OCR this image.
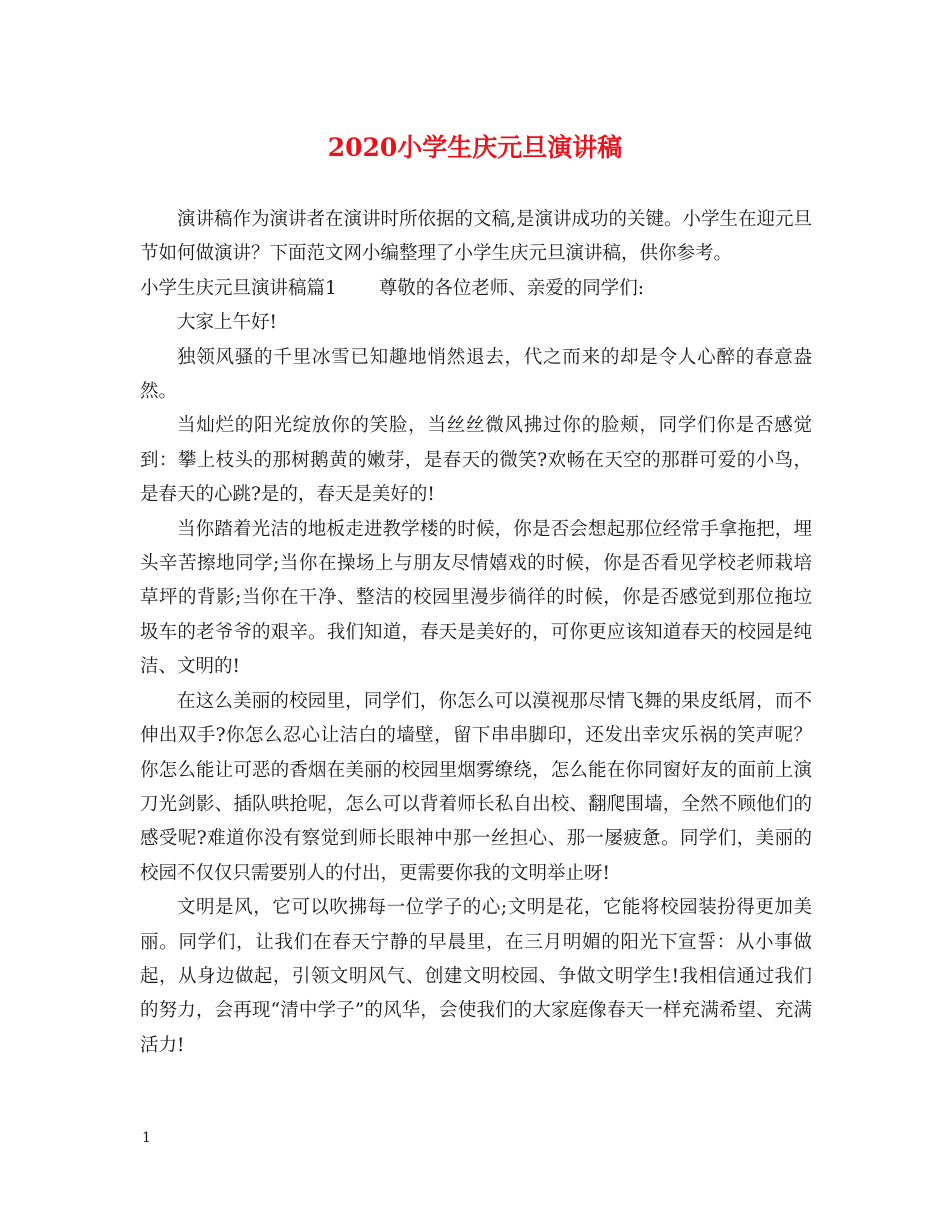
2020小学生庆元旦演讲稿

演讲稿作为演讲者在演讲时所依据的文稿,是演讲成功的关键。小学生在迎元旦节如何做演讲？下面范文网小编整理了小学生庆元旦演讲稿，供你参考。

小学生庆元旦演讲稿篇1 尊敬的各位老师、亲爱的同学们:

大家上午好!

独领风骚的千里冰雪已知趣地悄然退去，代之而来的却是令人心醉的春意盎然。

当灿烂的阳光绽放你的笑脸，当丝丝微风拂过你的脸颊，同学们你是否感觉到：攀上枝头的那树鹅黄的嫩芽，是春天的微笑?欢畅在天空的那群可爱的小鸟，是春天的心跳?是的，春天是美好的!

当你踏着光洁的地板走进教学楼的时候，你是否会想起那位经常手拿拖把，埋头辛苦擦地同学;当你在操场上与朋友尽情嬉戏的时候，你是否看见学校老师栽培草坪的背影;当你在干净、整洁的校园里漫步徜徉的时候，你是否感觉到那位拖垃圾车的老爷爷的艰辛。我们知道，春天是美好的，可你更应该知道春天的校园是纯洁、文明的!

在这么美丽的校园里，同学们，你怎么可以漠视那尽情飞舞的果皮纸屑，而不伸出双手?你怎么忍心让洁白的墙壁，留下串串脚印，还发出幸灾乐祸的笑声呢？你怎么能让可恶的香烟在美丽的校园里烟雾缭绕，怎么能在你同窗好友的面前上演刀光剑影、插队哄抢呢，怎么可以背着师长私自出校、翻爬围墙，全然不顾他们的感受呢?难道你没有察觉到师长眼神中那一丝担心、那一屡疲惫。同学们，美丽的校园不仅仅只需要别人的付出，更需要你我的文明举止呀!

文明是风，它可以吹拂每一位学子的心;文明是花，它能将校园装扮得更加美丽。同学们，让我们在春天宁静的早晨里，在三月明媚的阳光下宣誓：从小事做起，从身边做起，引领文明风气、创建文明校园、争做文明学生!我相信通过我们的努力，会再现“清中学子”的风华，会使我们的大家庭像春天一样充满希望、充满活力!

1
